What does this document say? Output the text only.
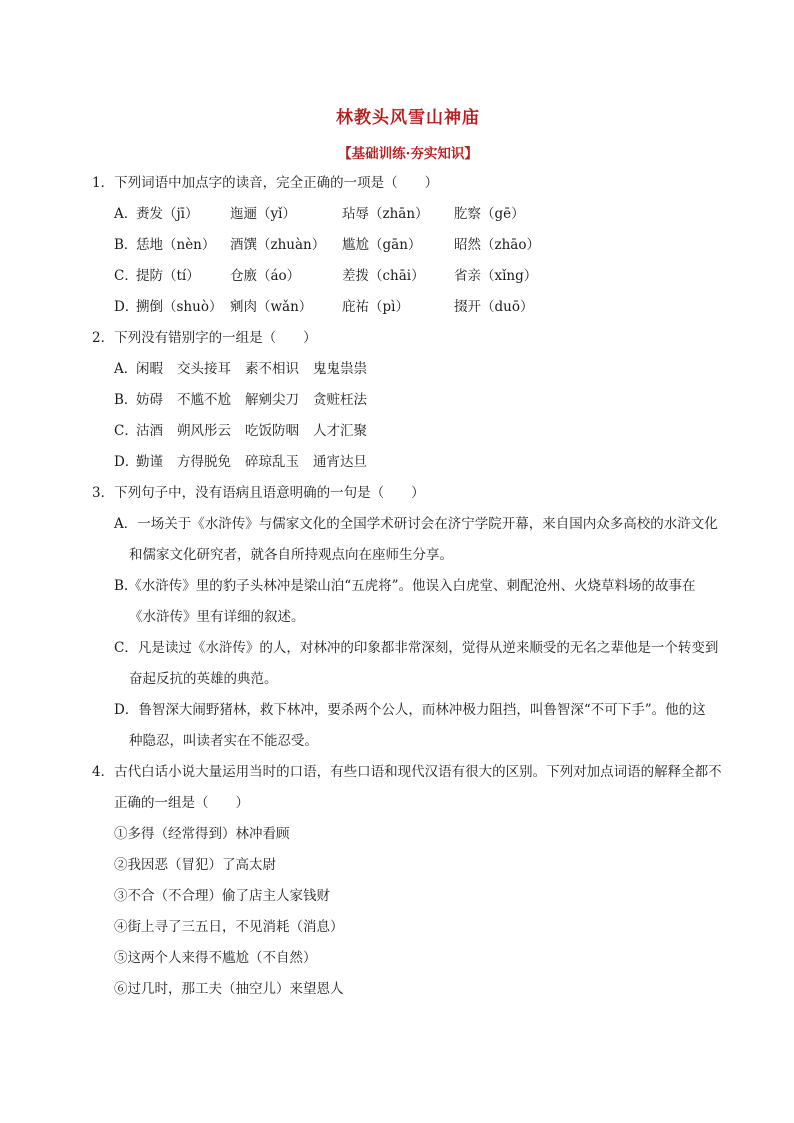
林教头风雪山神庙
【基础训练·夯实知识】
1．下列词语中加点字的读音，完全正确的一项是（　　）
A．
赉发（jī）	迤逦（yǐ）	玷辱（zhān）	肐察（gē）
B．
恁地（nèn）	酒馔（zhuàn）	尴尬（gān）	昭然（zhāo）
C．
提防（tí）	仓廒（áo）	差拨（chāi）	省亲（xǐng）
D．
搠倒（shuò） 剜肉（wǎn）	庇祐（pì）	掇开（duō）
2．下列没有错别字的一组是（　　）
A．
闲暇 交头接耳 素不相识 鬼鬼祟祟
B．
妨碍 不尴不尬 解剜尖刀 贪赃枉法
C．
沽酒 朔风彤云 吃饭防咽 人才汇聚
D．
勤谨 方得脱免 碎琼乱玉 通宵达旦
3．下列句子中，没有语病且语意明确的一句是（　　）
A．一场关于《水浒传》与儒家文化的全国学术研讨会在济宁学院开幕，来自国内众多高校的水浒文化
和儒家文化研究者，就各自所持观点向在座师生分享。
B.《水浒传》里的豹子头林冲是梁山泊“五虎将”。他误入白虎堂、刺配沧州、火烧草料场的故事在
《水浒传》里有详细的叙述。
C．凡是读过《水浒传》的人，对林冲的印象都非常深刻，觉得从逆来顺受的无名之辈他是一个转变到
奋起反抗的英雄的典范。
D．鲁智深大闹野猪林，救下林冲，要杀两个公人，而林冲极力阻挡，叫鲁智深“不可下手”。他的这
种隐忍，叫读者实在不能忍受。
4．古代白话小说大量运用当时的口语，有些口语和现代汉语有很大的区别。下列对加点词语的解释全都不
正确的一组是（　　）
①多得（经常得到）林冲看顾
②我因恶（冒犯）了高太尉
③不合（不合理）偷了店主人家钱财
④街上寻了三五日，不见消耗（消息）
⑤这两个人来得不尴尬（不自然）
⑥过几时，那工夫（抽空儿）来望恩人
